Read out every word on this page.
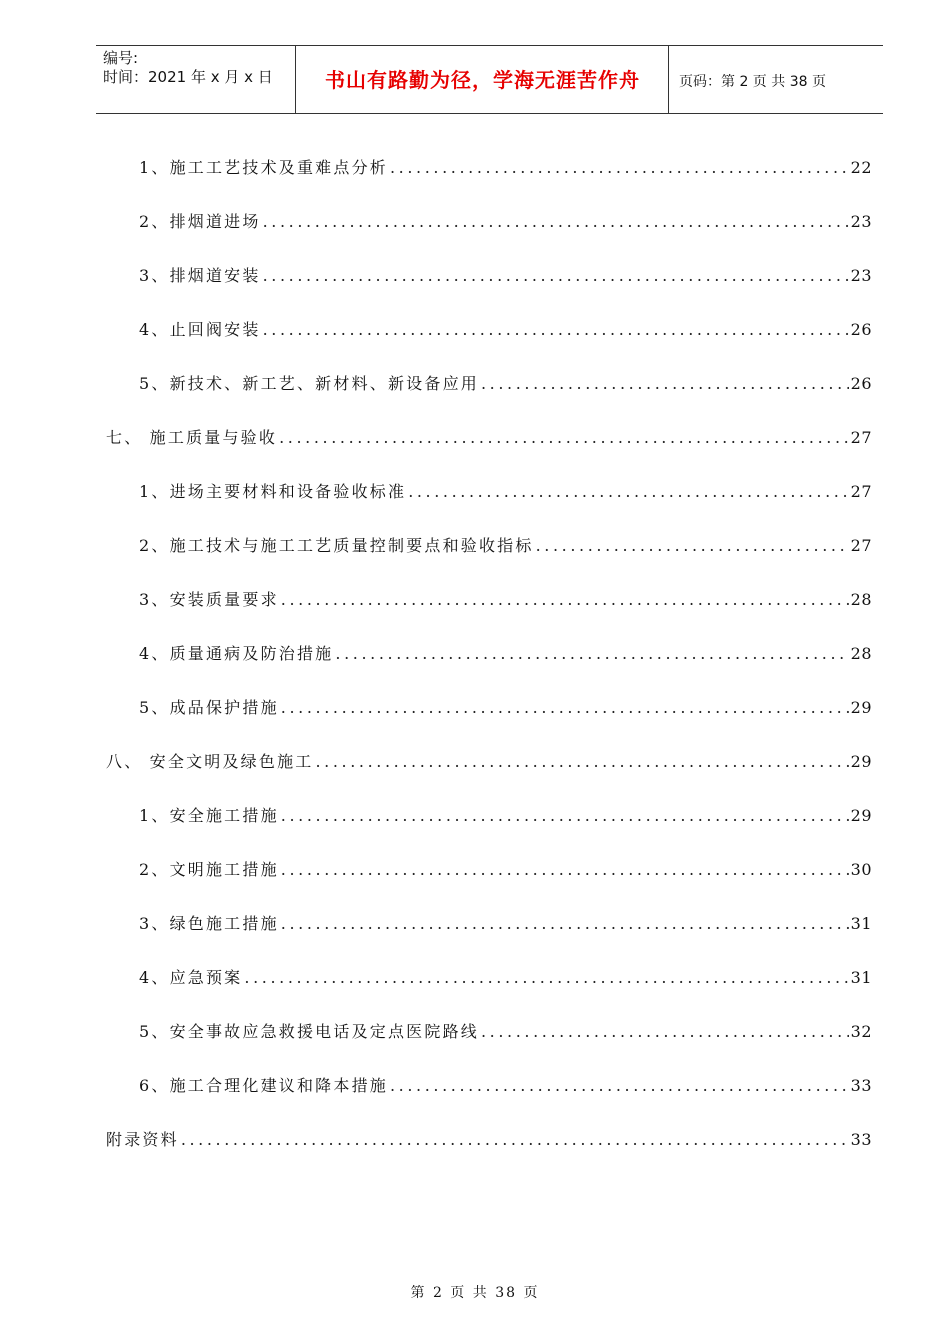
编号:
时间：2021 年 x 月 x 日	书山有路勤为径，学海无涯苦作舟	页码：第 2 页 共 38 页
1、施工工艺技术及重难点分析 .....	22
2、排烟道进场 .....	23
3、排烟道安装 .....	23
4、止回阀安装 .....	26
5、新技术、新工艺、新材料、新设备应用 .....	26
七、 施工质量与验收 .....	27
1、进场主要材料和设备验收标准 .....	27
2、施工技术与施工工艺质量控制要点和验收指标 .....	27
3、安装质量要求 .....	28
4、质量通病及防治措施 .....	28
5、成品保护措施 .....	29
八、 安全文明及绿色施工 .....	29
1、安全施工措施 .....	29
2、文明施工措施 .....	30
3、绿色施工措施 .....	31
4、应急预案 .....	31
5、安全事故应急救援电话及定点医院路线 .....	32
6、施工合理化建议和降本措施 .....	33
附录资料 .....	33
第 2 页 共 38 页
